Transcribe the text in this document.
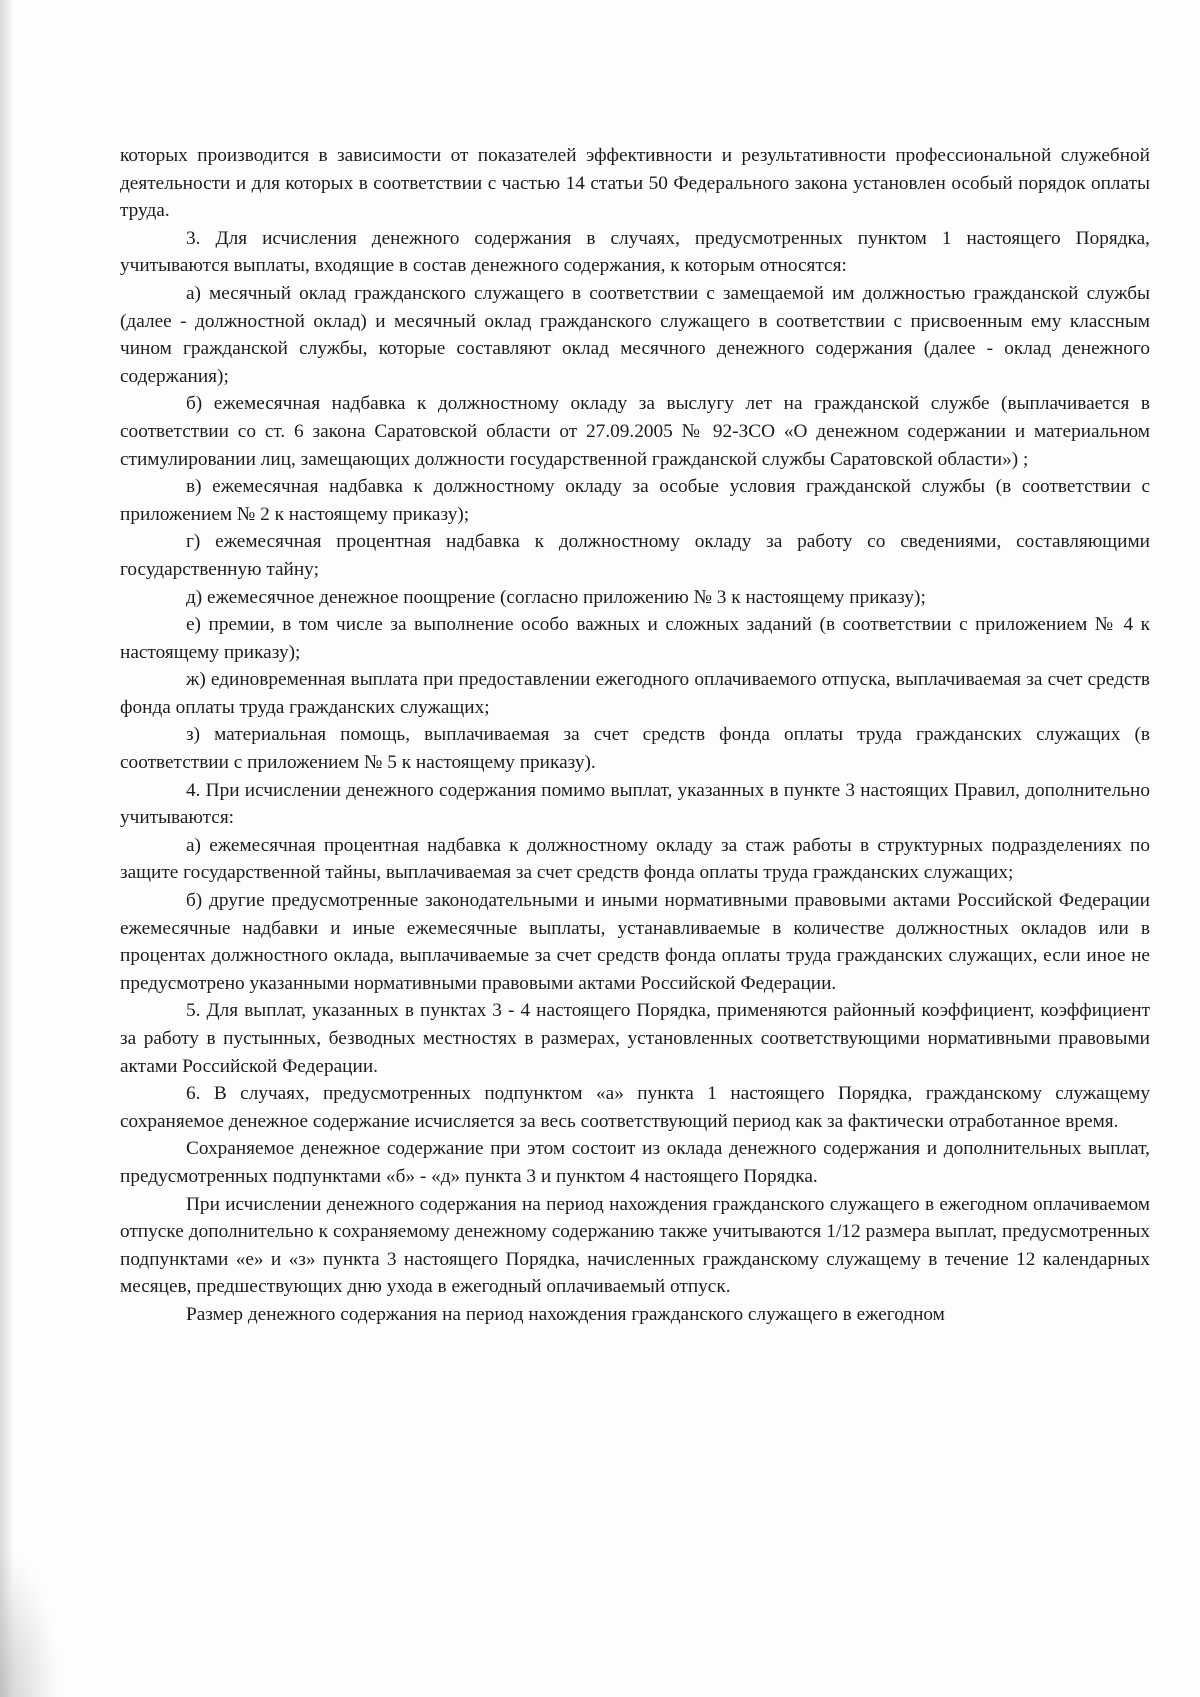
которых производится в зависимости от показателей эффективности и результативности профессиональной служебной деятельности и для которых в соответствии с частью 14 статьи 50 Федерального закона установлен особый порядок оплаты труда.

3. Для исчисления денежного содержания в случаях, предусмотренных пунктом 1 настоящего Порядка, учитываются выплаты, входящие в состав денежного содержания, к которым относятся:

а) месячный оклад гражданского служащего в соответствии с замещаемой им должностью гражданской службы (далее - должностной оклад) и месячный оклад гражданского служащего в соответствии с присвоенным ему классным чином гражданской службы, которые составляют оклад месячного денежного содержания (далее - оклад денежного содержания);

б) ежемесячная надбавка к должностному окладу за выслугу лет на гражданской службе (выплачивается в соответствии со ст. 6 закона Саратовской области от 27.09.2005 № 92-ЗСО «О денежном содержании и материальном стимулировании лиц, замещающих должности государственной гражданской службы Саратовской области») ;

в) ежемесячная надбавка к должностному окладу за особые условия гражданской службы (в соответствии с приложением № 2 к настоящему приказу);

г) ежемесячная процентная надбавка к должностному окладу за работу со сведениями, составляющими государственную тайну;

д) ежемесячное денежное поощрение (согласно приложению № 3 к настоящему приказу);

е) премии, в том числе за выполнение особо важных и сложных заданий (в соответствии с приложением № 4 к настоящему приказу);

ж) единовременная выплата при предоставлении ежегодного оплачиваемого отпуска, выплачиваемая за счет средств фонда оплаты труда гражданских служащих;

з) материальная помощь, выплачиваемая за счет средств фонда оплаты труда гражданских служащих (в соответствии с приложением № 5 к настоящему приказу).

4. При исчислении денежного содержания помимо выплат, указанных в пункте 3 настоящих Правил, дополнительно учитываются:

а) ежемесячная процентная надбавка к должностному окладу за стаж работы в структурных подразделениях по защите государственной тайны, выплачиваемая за счет средств фонда оплаты труда гражданских служащих;

б) другие предусмотренные законодательными и иными нормативными правовыми актами Российской Федерации ежемесячные надбавки и иные ежемесячные выплаты, устанавливаемые в количестве должностных окладов или в процентах должностного оклада, выплачиваемые за счет средств фонда оплаты труда гражданских служащих, если иное не предусмотрено указанными нормативными правовыми актами Российской Федерации.

5. Для выплат, указанных в пунктах 3 - 4 настоящего Порядка, применяются районный коэффициент, коэффициент за работу в пустынных, безводных местностях в размерах, установленных соответствующими нормативными правовыми актами Российской Федерации.

6. В случаях, предусмотренных подпунктом «а» пункта 1 настоящего Порядка, гражданскому служащему сохраняемое денежное содержание исчисляется за весь соответствующий период как за фактически отработанное время.

Сохраняемое денежное содержание при этом состоит из оклада денежного содержания и дополнительных выплат, предусмотренных подпунктами «б» - «д» пункта 3 и пунктом 4 настоящего Порядка.

При исчислении денежного содержания на период нахождения гражданского служащего в ежегодном оплачиваемом отпуске дополнительно к сохраняемому денежному содержанию также учитываются 1/12 размера выплат, предусмотренных подпунктами «е» и «з» пункта 3 настоящего Порядка, начисленных гражданскому служащему в течение 12 календарных месяцев, предшествующих дню ухода в ежегодный оплачиваемый отпуск.

Размер денежного содержания на период нахождения гражданского служащего в ежегодном
